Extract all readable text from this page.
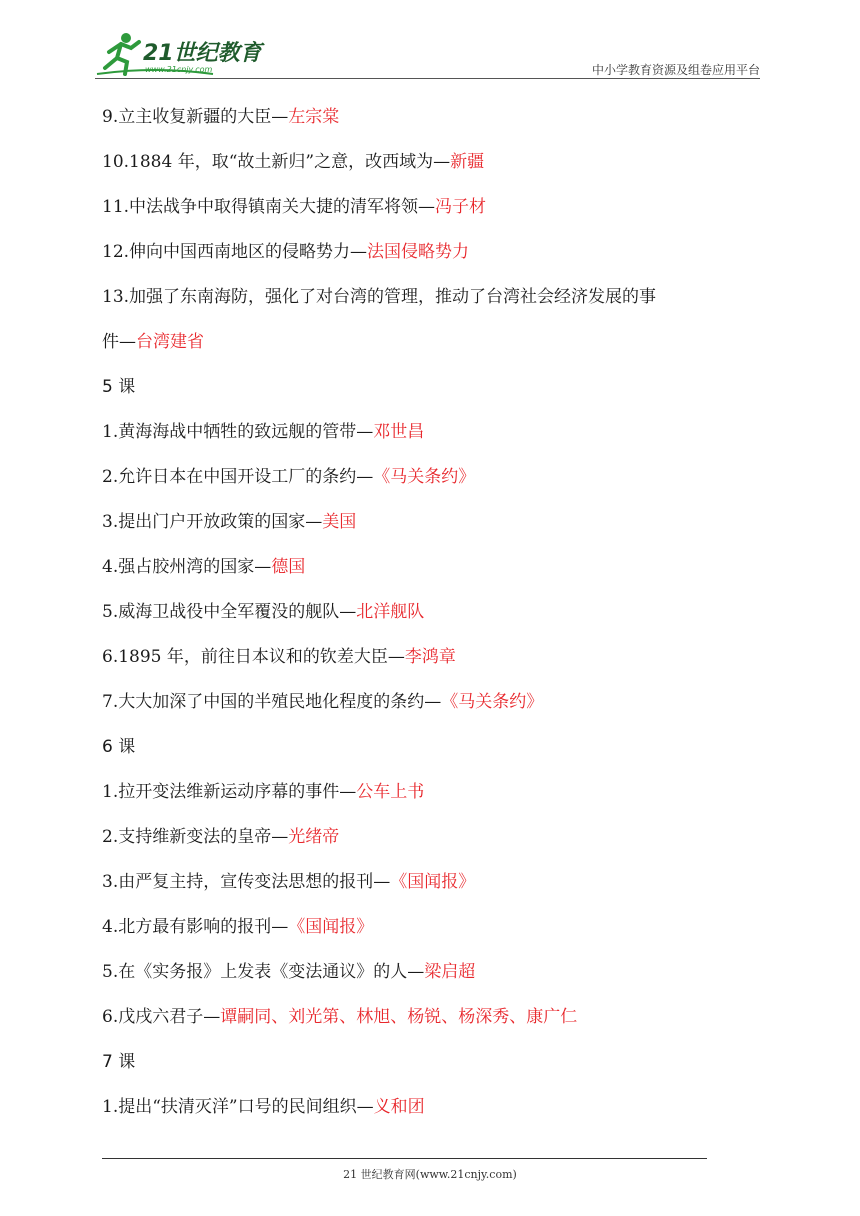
21世纪教育
www.21cnjy.com	中小学教育资源及组卷应用平台
9.立主收复新疆的大臣—左宗棠
10.1884 年，取“故土新归”之意，改西域为—新疆
11.中法战争中取得镇南关大捷的清军将领—冯子材
12.伸向中国西南地区的侵略势力—法国侵略势力
13.加强了东南海防，强化了对台湾的管理，推动了台湾社会经济发展的事
件—台湾建省
5 课
1.黄海海战中牺牲的致远舰的管带—邓世昌
2.允许日本在中国开设工厂的条约—《马关条约》
3.提出门户开放政策的国家—美国
4.强占胶州湾的国家—德国
5.威海卫战役中全军覆没的舰队—北洋舰队
6.1895 年，前往日本议和的钦差大臣—李鸿章
7.大大加深了中国的半殖民地化程度的条约—《马关条约》
6 课
1.拉开变法维新运动序幕的事件—公车上书
2.支持维新变法的皇帝—光绪帝
3.由严复主持，宣传变法思想的报刊—《国闻报》
4.北方最有影响的报刊—《国闻报》
5.在《实务报》上发表《变法通议》的人—梁启超
6.戊戌六君子—谭嗣同、刘光第、林旭、杨锐、杨深秀、康广仁
7 课
1.提出“扶清灭洋”口号的民间组织—义和团
21 世纪教育网(www.21cnjy.com)
